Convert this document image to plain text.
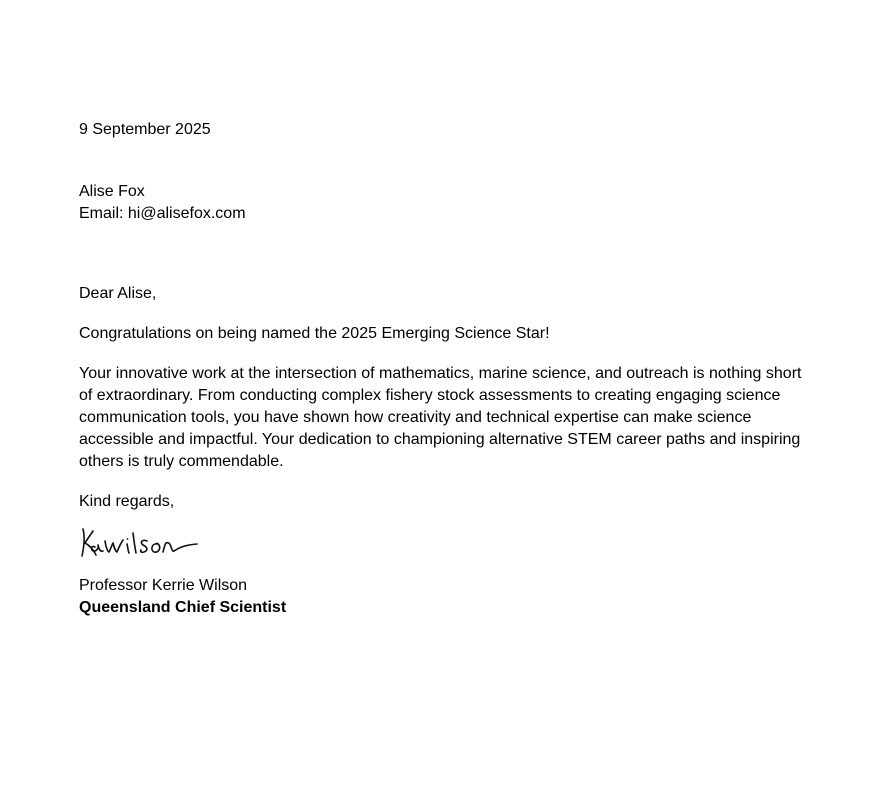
9 September 2025

Alise Fox

Email: hi@alisefox.com

Dear Alise,

Congratulations on being named the 2025 Emerging Science Star!

Your innovative work at the intersection of mathematics, marine science, and outreach is nothing short of extraordinary. From conducting complex fishery stock assessments to creating engaging science communication tools, you have shown how creativity and technical expertise can make science accessible and impactful. Your dedication to championing alternative STEM career paths and inspiring others is truly commendable.

Kind regards,

Professor Kerrie Wilson

Queensland Chief Scientist
